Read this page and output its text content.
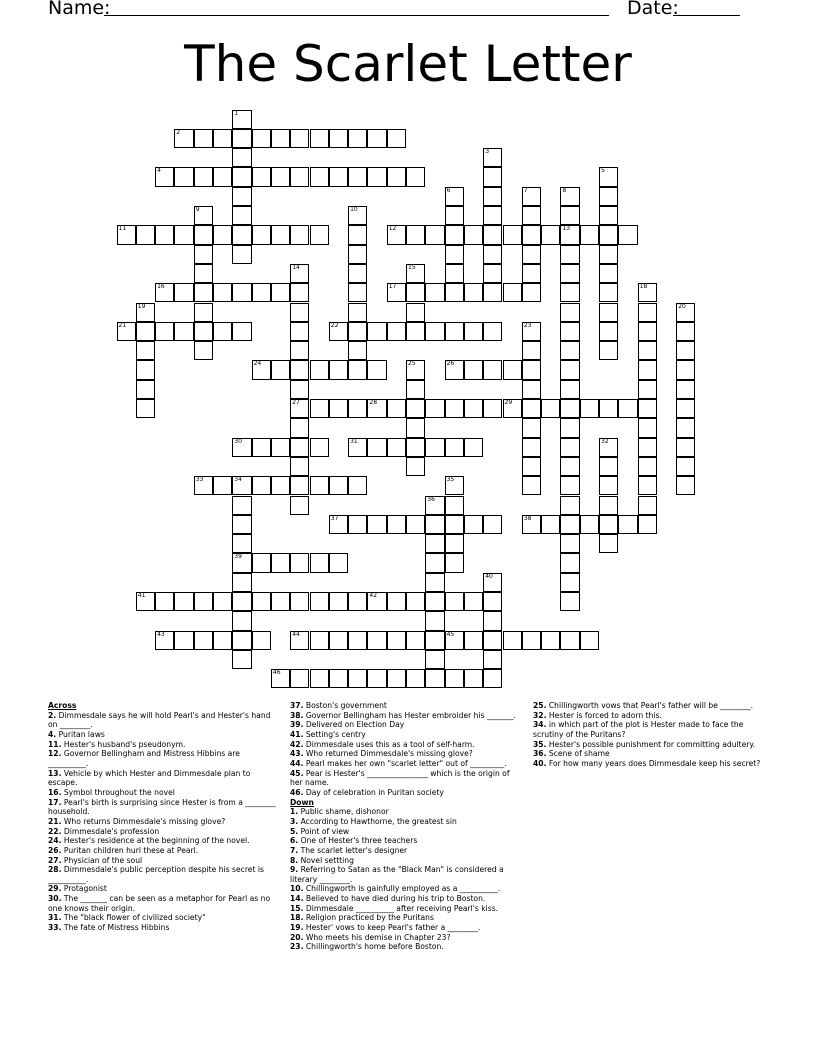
Name:	Date:
The Scarlet Letter
1
2
3
4	5
6	7	8
13
9	10
11	12
14
27
15
16	17	18
19	20
21	22	23
24	25	26
28	29
30	31	32
33	34
39
35
36
37	38
40
41	42
43	44	45
46

Across

2. Dimmesdale says he will hold Pearl's and Hester's hand on ________.

4. Puritan laws

11. Hester's husband's pseudonym.

12. Governor Bellingham and Mistress Hibbins are __________.

13. Vehicle by which Hester and Dimmesdale plan to escape.

16. Symbol throughout the novel

17. Pearl's birth is surprising since Hester is from a ________ household.

21. Who returns Dimmesdale's missing glove?

22. Dimmesdale's profession

24. Hester's residence at the beginning of the novel.

26. Puritan children hurl these at Pearl.

27. Physician of the soul

28. Dimmesdale's public perception despite his secret is __________.

29. Protagonist

30. The _______ can be seen as a metaphor for Pearl as no one knows their origin.

31. The "black flower of civilized society"

33. The fate of Mistress Hibbins

37. Boston's government

38. Governor Bellingham has Hester embroider his _______.

39. Delivered on Election Day

41. Setting's centry

42. Dimmesdale uses this as a tool of self-harm.

43. Who returned Dimmesdale's missing glove?

44. Pearl makes her own "scarlet letter" out of _________.

45. Pear is Hester's ________________ which is the origin of her name.

46. Day of celebration in Puritan society

Down

1. Public shame, dishonor

3. According to Hawthorne, the greatest sin

5. Point of view

6. One of Hester's three teachers

7. The scarlet letter's designer

8. Novel settting

9. Referring to Satan as the "Black Man" is considered a literary ________.

10. Chillingworth is gainfully employed as a __________.

14. Believed to have died during his trip to Boston.

15. Dimmesdale __________ after receiving Pearl's kiss.

18. Religion practiced by the Puritans

19. Hester' vows to keep Pearl's father a ________.

20. Who meets his demise in Chapter 23?

23. Chillingworth's home before Boston.

25. Chillingworth vows that Pearl's father will be ________.

32. Hester is forced to adorn this.

34. in which part of the plot is Hester made to face the scrutiny of the Puritans?

35. Hester's possible punishment for committing adultery.

36. Scene of shame

40. For how many years does Dimmesdale keep his secret?
